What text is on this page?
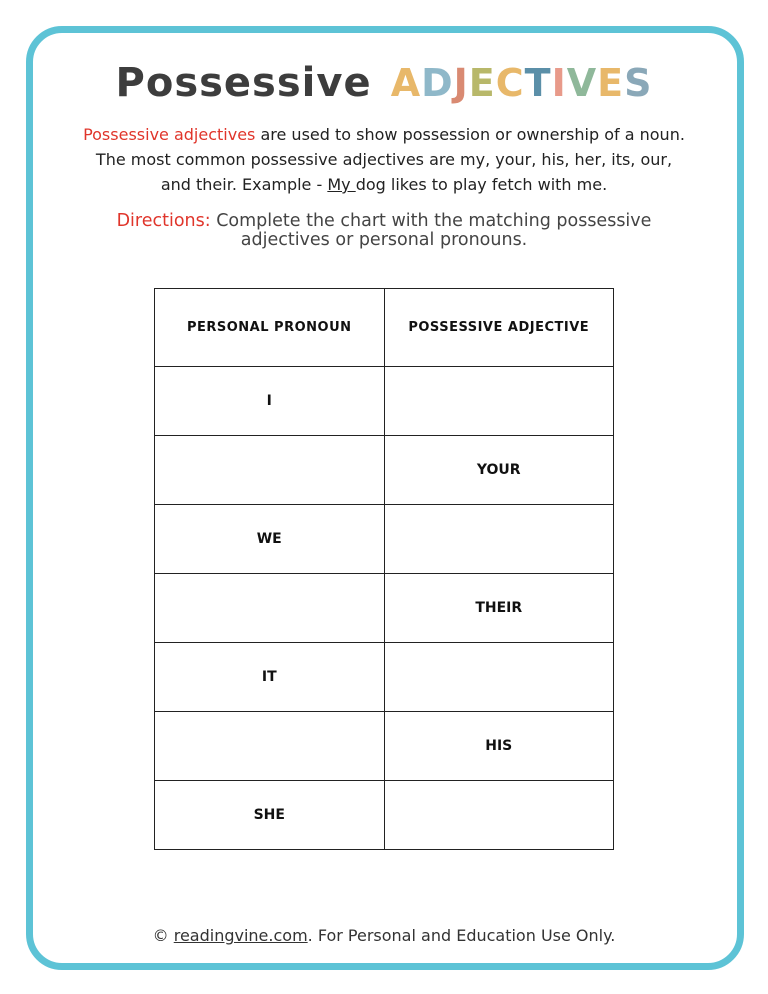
Possessive ADJECTIVES
Possessive adjectives are used to show possession or ownership of a noun. The most common possessive adjectives are my, your, his, her, its, our, and their. Example - My dog likes to play fetch with me.
Directions: Complete the chart with the matching possessive adjectives or personal pronouns.
PERSONAL PRONOUN	POSSESSIVE ADJECTIVE
I	
	YOUR
WE	
	THEIR
IT	
	HIS
SHE	
© readingvine.com. For Personal and Education Use Only.
